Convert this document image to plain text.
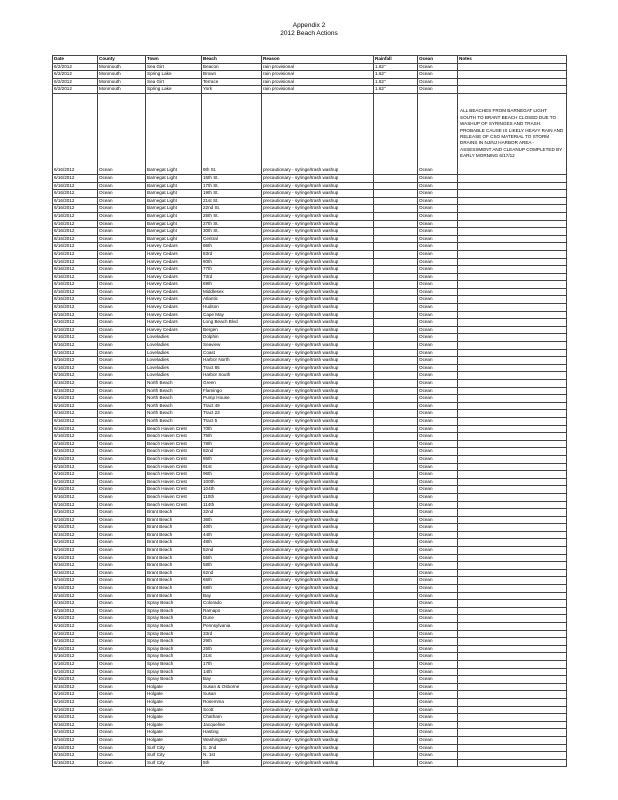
Appendix 2
2012 Beach Actions
Date	County	Town	Beach	Reason	Rainfall	Ocean	Notes
6/2/2012	Monmouth	Sea Girt	Beacon	rain provisional	1.62"	Ocean	
6/2/2012	Monmouth	Spring Lake	Brown	rain provisional	1.62"	Ocean	
6/2/2012	Monmouth	Sea Girt	Terrace	rain provisional	1.62"	Ocean	
6/2/2012	Monmouth	Spring Lake	York	rain provisional	1.62"	Ocean	
6/16/2012	Ocean	Barnegat Light	9th St.	precautionary - syringe/trash washup		Ocean	ALL BEACHES FROM BARNEGAT LIGHT SOUTH TO BRANT BEACH CLOSED DUE TO WASHUP OF SYRINGES AND TRASH. PROBABLE CAUSE IS LIKELY HEAVY RAIN AND RELEASE OF CSO MATERIAL TO STORM DRAINS IN NJ/NJ HARBOR AREA - ASSESSMENT AND CLEANUP COMPLETED BY EARLY MORNING 6/17/12
6/16/2012	Ocean	Barnegat Light	15th St.	precautionary - syringe/trash washup		Ocean	
6/16/2012	Ocean	Barnegat Light	17th St.	precautionary - syringe/trash washup		Ocean	
6/16/2012	Ocean	Barnegat Light	19th St.	precautionary - syringe/trash washup		Ocean	
6/16/2012	Ocean	Barnegat Light	21st St.	precautionary - syringe/trash washup		Ocean	
6/16/2012	Ocean	Barnegat Light	22nd St.	precautionary - syringe/trash washup		Ocean	
6/16/2012	Ocean	Barnegat Light	25th St.	precautionary - syringe/trash washup		Ocean	
6/16/2012	Ocean	Barnegat Light	27th St.	precautionary - syringe/trash washup		Ocean	
6/16/2012	Ocean	Barnegat Light	30th St.	precautionary - syringe/trash washup		Ocean	
6/16/2012	Ocean	Barnegat Light	Central	precautionary - syringe/trash washup		Ocean	
6/16/2012	Ocean	Harvey Cedars	86th	precautionary - syringe/trash washup		Ocean	
6/16/2012	Ocean	Harvey Cedars	83rd	precautionary - syringe/trash washup		Ocean	
6/16/2012	Ocean	Harvey Cedars	80th	precautionary - syringe/trash washup		Ocean	
6/16/2012	Ocean	Harvey Cedars	77th	precautionary - syringe/trash washup		Ocean	
6/16/2012	Ocean	Harvey Cedars	73rd	precautionary - syringe/trash washup		Ocean	
6/16/2012	Ocean	Harvey Cedars	69th	precautionary - syringe/trash washup		Ocean	
6/16/2012	Ocean	Harvey Cedars	Middlesex	precautionary - syringe/trash washup		Ocean	
6/16/2012	Ocean	Harvey Cedars	Atlantic	precautionary - syringe/trash washup		Ocean	
6/16/2012	Ocean	Harvey Cedars	Hudson	precautionary - syringe/trash washup		Ocean	
6/16/2012	Ocean	Harvey Cedars	Cape May	precautionary - syringe/trash washup		Ocean	
6/16/2012	Ocean	Harvey Cedars	Long Beach Blvd	precautionary - syringe/trash washup		Ocean	
6/16/2012	Ocean	Harvey Cedars	Bergen	precautionary - syringe/trash washup		Ocean	
6/16/2012	Ocean	Loveladies	Dolphin	precautionary - syringe/trash washup		Ocean	
6/16/2012	Ocean	Loveladies	Seaview	precautionary - syringe/trash washup		Ocean	
6/16/2012	Ocean	Loveladies	Coast	precautionary - syringe/trash washup		Ocean	
6/16/2012	Ocean	Loveladies	Harbor North	precautionary - syringe/trash washup		Ocean	
6/16/2012	Ocean	Loveladies	Tract 85	precautionary - syringe/trash washup		Ocean	
6/16/2012	Ocean	Loveladies	Harbor South	precautionary - syringe/trash washup		Ocean	
6/16/2012	Ocean	North Beach	Green	precautionary - syringe/trash washup		Ocean	
6/16/2012	Ocean	North Beach	Flamingo	precautionary - syringe/trash washup		Ocean	
6/16/2012	Ocean	North Beach	Pump House	precautionary - syringe/trash washup		Ocean	
6/16/2012	Ocean	North Beach	Tract 49	precautionary - syringe/trash washup		Ocean	
6/16/2012	Ocean	North Beach	Tract 23	precautionary - syringe/trash washup		Ocean	
6/16/2012	Ocean	North Beach	Tract 5	precautionary - syringe/trash washup		Ocean	
6/16/2012	Ocean	Beach Haven Crest	70th	precautionary - syringe/trash washup		Ocean	
6/16/2012	Ocean	Beach Haven Crest	75th	precautionary - syringe/trash washup		Ocean	
6/16/2012	Ocean	Beach Haven Crest	78th	precautionary - syringe/trash washup		Ocean	
6/16/2012	Ocean	Beach Haven Crest	82nd	precautionary - syringe/trash washup		Ocean	
6/16/2012	Ocean	Beach Haven Crest	86th	precautionary - syringe/trash washup		Ocean	
6/16/2012	Ocean	Beach Haven Crest	91st	precautionary - syringe/trash washup		Ocean	
6/16/2012	Ocean	Beach Haven Crest	96th	precautionary - syringe/trash washup		Ocean	
6/16/2012	Ocean	Beach Haven Crest	100th	precautionary - syringe/trash washup		Ocean	
6/16/2012	Ocean	Beach Haven Crest	104th	precautionary - syringe/trash washup		Ocean	
6/16/2012	Ocean	Beach Haven Crest	110th	precautionary - syringe/trash washup		Ocean	
6/16/2012	Ocean	Beach Haven Crest	114th	precautionary - syringe/trash washup		Ocean	
6/16/2012	Ocean	Brant Beach	32nd	precautionary - syringe/trash washup		Ocean	
6/16/2012	Ocean	Brant Beach	36th	precautionary - syringe/trash washup		Ocean	
6/16/2012	Ocean	Brant Beach	40th	precautionary - syringe/trash washup		Ocean	
6/16/2012	Ocean	Brant Beach	44th	precautionary - syringe/trash washup		Ocean	
6/16/2012	Ocean	Brant Beach	48th	precautionary - syringe/trash washup		Ocean	
6/16/2012	Ocean	Brant Beach	52nd	precautionary - syringe/trash washup		Ocean	
6/16/2012	Ocean	Brant Beach	55th	precautionary - syringe/trash washup		Ocean	
6/16/2012	Ocean	Brant Beach	58th	precautionary - syringe/trash washup		Ocean	
6/16/2012	Ocean	Brant Beach	62nd	precautionary - syringe/trash washup		Ocean	
6/16/2012	Ocean	Brant Beach	65th	precautionary - syringe/trash washup		Ocean	
6/16/2012	Ocean	Brant Beach	68th	precautionary - syringe/trash washup		Ocean	
6/16/2012	Ocean	Brant Beach	Bay	precautionary - syringe/trash washup		Ocean	
6/16/2012	Ocean	Spray Beach	Colorado	precautionary - syringe/trash washup		Ocean	
6/16/2012	Ocean	Spray Beach	Ramapo	precautionary - syringe/trash washup		Ocean	
6/16/2012	Ocean	Spray Beach	Dune	precautionary - syringe/trash washup		Ocean	
6/16/2012	Ocean	Spray Beach	Pennsylvania	precautionary - syringe/trash washup		Ocean	
6/16/2012	Ocean	Spray Beach	33rd	precautionary - syringe/trash washup		Ocean	
6/16/2012	Ocean	Spray Beach	29th	precautionary - syringe/trash washup		Ocean	
6/16/2012	Ocean	Spray Beach	25th	precautionary - syringe/trash washup		Ocean	
6/16/2012	Ocean	Spray Beach	21st	precautionary - syringe/trash washup		Ocean	
6/16/2012	Ocean	Spray Beach	17th	precautionary - syringe/trash washup		Ocean	
6/16/2012	Ocean	Spray Beach	14th	precautionary - syringe/trash washup		Ocean	
6/16/2012	Ocean	Spray Beach	Bay	precautionary - syringe/trash washup		Ocean	
6/16/2012	Ocean	Holgate	Susan & Osborne	precautionary - syringe/trash washup		Ocean	
6/16/2012	Ocean	Holgate	Susan	precautionary - syringe/trash washup		Ocean	
6/16/2012	Ocean	Holgate	Rosemma	precautionary - syringe/trash washup		Ocean	
6/16/2012	Ocean	Holgate	Scott	precautionary - syringe/trash washup		Ocean	
6/16/2012	Ocean	Holgate	Chatham	precautionary - syringe/trash washup		Ocean	
6/16/2012	Ocean	Holgate	Jacqueline	precautionary - syringe/trash washup		Ocean	
6/16/2012	Ocean	Holgate	Hasting	precautionary - syringe/trash washup		Ocean	
6/16/2012	Ocean	Holgate	Washington	precautionary - syringe/trash washup		Ocean	
6/16/2012	Ocean	Surf City	S. 2nd	precautionary - syringe/trash washup		Ocean	
6/16/2012	Ocean	Surf City	N. 1st	precautionary - syringe/trash washup		Ocean	
6/16/2012	Ocean	Surf City	5th	precautionary - syringe/trash washup		Ocean	
